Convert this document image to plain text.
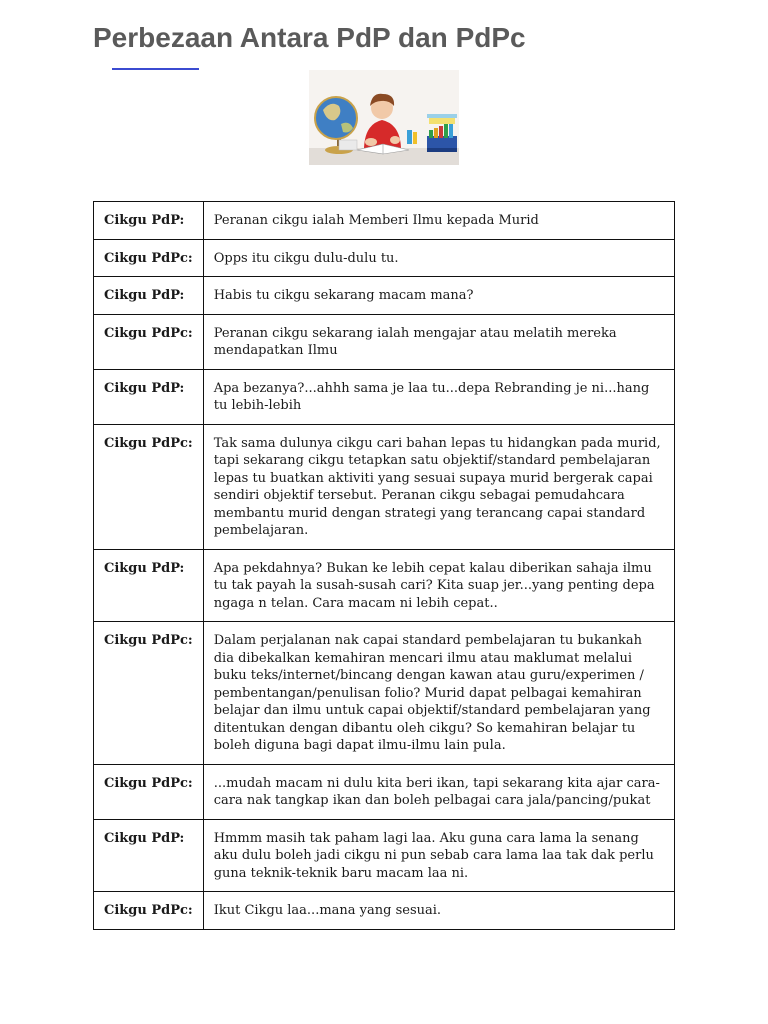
Perbezaan Antara PdP dan PdPc
Cikgu PdP:	Peranan cikgu ialah Memberi Ilmu kepada Murid
Cikgu PdPc:	Opps itu cikgu dulu-dulu tu.
Cikgu PdP:	Habis tu cikgu sekarang macam mana?
Cikgu PdPc:	Peranan cikgu sekarang ialah mengajar atau melatih mereka mendapatkan Ilmu
Cikgu PdP:	Apa bezanya?...ahhh sama je laa tu...depa Rebranding je ni...hang tu lebih-lebih
Cikgu PdPc:	Tak sama dulunya cikgu cari bahan lepas tu hidangkan pada murid, tapi sekarang cikgu tetapkan satu objektif/standard pembelajaran lepas tu buatkan aktiviti yang sesuai supaya murid bergerak capai sendiri objektif tersebut. Peranan cikgu sebagai pemudahcara membantu murid dengan strategi yang terancang capai standard pembelajaran.
Cikgu PdP:	Apa pekdahnya? Bukan ke lebih cepat kalau diberikan sahaja ilmu tu tak payah la susah-susah cari? Kita suap jer...yang penting depa ngaga n telan. Cara macam ni lebih cepat..
Cikgu PdPc:	Dalam perjalanan nak capai standard pembelajaran tu bukankah dia dibekalkan kemahiran mencari ilmu atau maklumat melalui buku teks/internet/bincang dengan kawan atau guru/experimen / pembentangan/penulisan folio? Murid dapat pelbagai kemahiran belajar dan ilmu untuk capai objektif/standard pembelajaran yang ditentukan dengan dibantu oleh cikgu? So kemahiran belajar tu boleh diguna bagi dapat ilmu-ilmu lain pula.
Cikgu PdPc:	...mudah macam ni dulu kita beri ikan, tapi sekarang kita ajar cara-cara nak tangkap ikan dan boleh pelbagai cara jala/pancing/pukat
Cikgu PdP:	Hmmm masih tak paham lagi laa. Aku guna cara lama la senang aku dulu boleh jadi cikgu ni pun sebab cara lama laa tak dak perlu guna teknik-teknik baru macam laa ni.
Cikgu PdPc:	Ikut Cikgu laa...mana yang sesuai.
